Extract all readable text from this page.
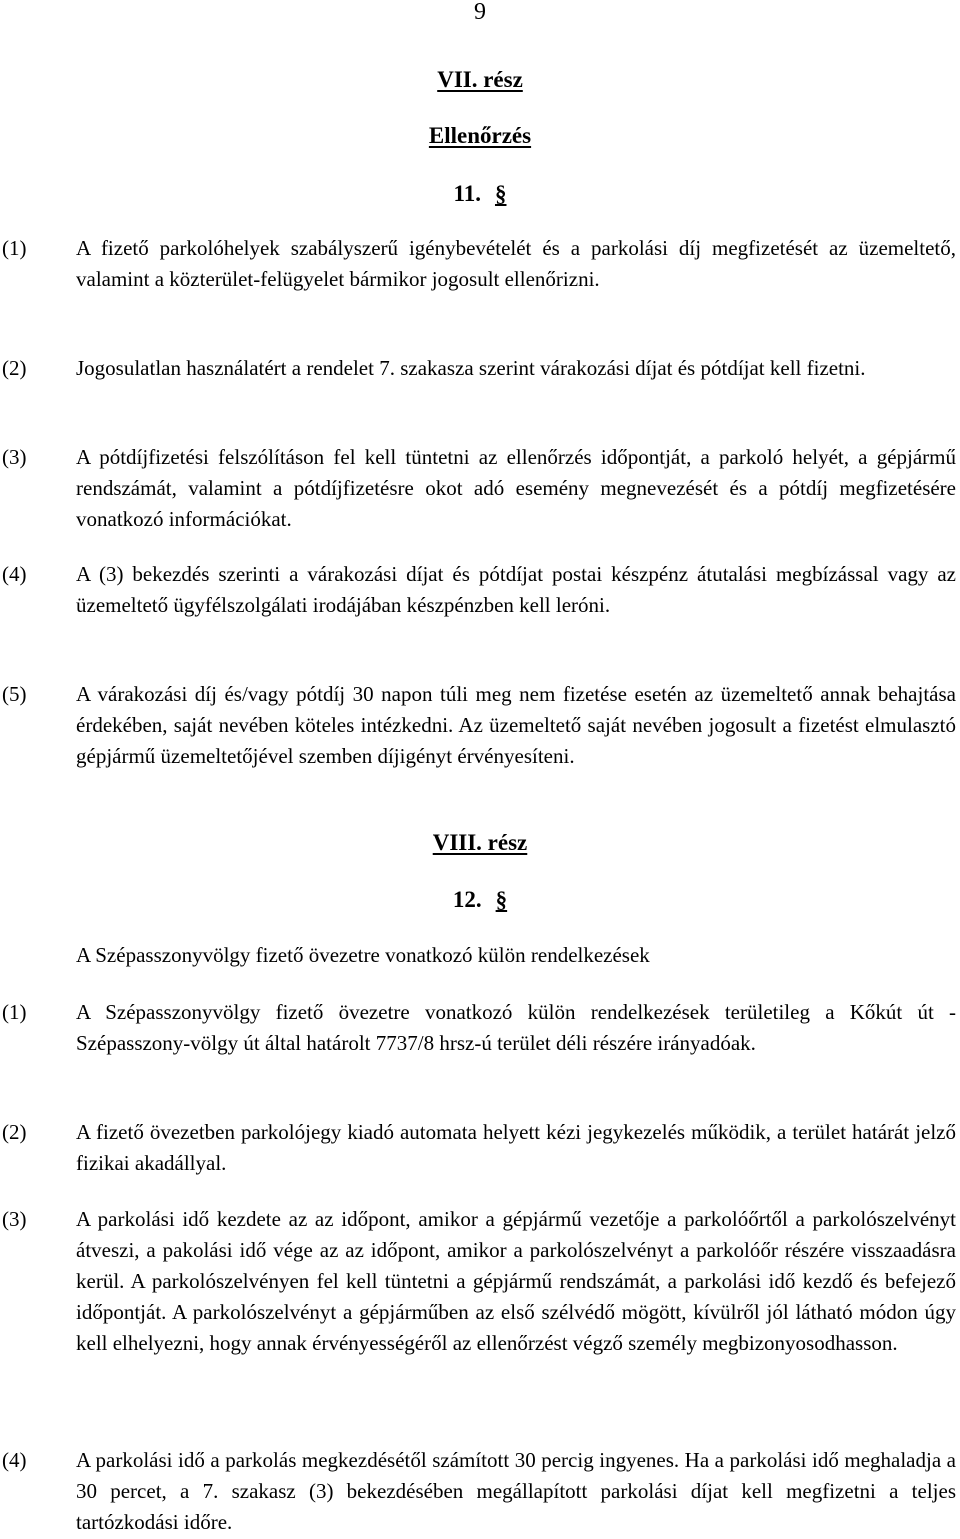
9
VII. rész
Ellenőrzés
11. §
(1) A fizető parkolóhelyek szabályszerű igénybevételét és a parkolási díj megfizetését az üzemeltető, valamint a közterület-felügyelet bármikor jogosult ellenőrizni.
(2) Jogosulatlan használatért a rendelet 7. szakasza szerint várakozási díjat és pótdíjat kell fizetni.
(3) A pótdíjfizetési felszólításon fel kell tüntetni az ellenőrzés időpontját, a parkoló helyét, a gépjármű rendszámát, valamint a pótdíjfizetésre okot adó esemény megnevezését és a pótdíj megfizetésére vonatkozó információkat.
(4) A (3) bekezdés szerinti a várakozási díjat és pótdíjat postai készpénz átutalási megbízással vagy az üzemeltető ügyfélszolgálati irodájában készpénzben kell leróni.
(5) A várakozási díj és/vagy pótdíj 30 napon túli meg nem fizetése esetén az üzemeltető annak behajtása érdekében, saját nevében köteles intézkedni. Az üzemeltető saját nevében jogosult a fizetést elmulasztó gépjármű üzemeltetőjével szemben díjigényt érvényesíteni.
VIII. rész
12. §
A Szépasszonyvölgy fizető övezetre vonatkozó külön rendelkezések
(1) A Szépasszonyvölgy fizető övezetre vonatkozó külön rendelkezések területileg a Kőkút út -Szépasszony-völgy út által határolt 7737/8 hrsz-ú terület déli részére irányadóak.
(2) A fizető övezetben parkolójegy kiadó automata helyett kézi jegykezelés működik, a terület határát jelző fizikai akadállyal.
(3) A parkolási idő kezdete az az időpont, amikor a gépjármű vezetője a parkolóőrtől a parkolószelvényt átveszi, a pakolási idő vége az az időpont, amikor a parkolószelvényt a parkolóőr részére visszaadásra kerül. A parkolószelvényen fel kell tüntetni a gépjármű rendszámát, a parkolási idő kezdő és befejező időpontját. A parkolószelvényt a gépjárműben az első szélvédő mögött, kívülről jól látható módon úgy kell elhelyezni, hogy annak érvényességéről az ellenőrzést végző személy megbizonyosodhasson.
(4) A parkolási idő a parkolás megkezdésétől számított 30 percig ingyenes. Ha a parkolási idő meghaladja a 30 percet, a 7. szakasz (3) bekezdésében megállapított parkolási díjat kell megfizetni a teljes tartózkodási időre.
